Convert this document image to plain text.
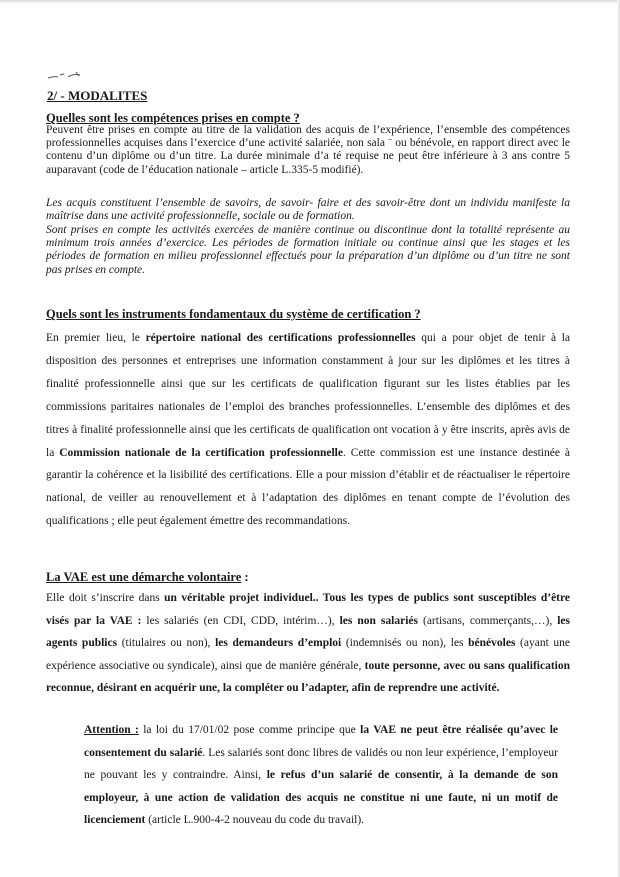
2/ - MODALITES
Quelles sont les compétences prises en compte ?

Peuvent être prises en compte au titre de la validation des acquis de l’expérience, l’ensemble des compétences professionnelles acquises dans l’exercice d’une activité salariée, non sala ¨ ou bénévole, en rapport direct avec le contenu d’un diplôme ou d’un titre. La durée minimale d’a té requise ne peut être inférieure à 3 ans contre 5 auparavant (code de l’éducation nationale – article L.335-5 modifié).

Les acquis constituent l’ensemble de savoirs, de savoir- faire et des savoir-être dont un individu manifeste la maîtrise dans une activité professionnelle, sociale ou de formation.

Sont prises en compte les activités exercées de manière continue ou discontinue dont la totalité représente au minimum trois années d’exercice. Les périodes de formation initiale ou continue ainsi que les stages et les périodes de formation en milieu professionnel effectués pour la préparation d’un diplôme ou d’un titre ne sont pas prises en compte.

Quels sont les instruments fondamentaux du système de certification ?

En premier lieu, le répertoire national des certifications professionnelles qui a pour objet de tenir à la disposition des personnes et entreprises une information constamment à jour sur les diplômes et les titres à finalité professionnelle ainsi que sur les certificats de qualification figurant sur les listes établies par les commissions paritaires nationales de l’emploi des branches professionnelles. L’ensemble des diplômes et des titres à finalité professionnelle ainsi que les certificats de qualification ont vocation à y être inscrits, après avis de la Commission nationale de la certification professionnelle. Cette commission est une instance destinée à garantir la cohérence et la lisibilité des certifications. Elle a pour mission d’établir et de réactualiser le répertoire national, de veiller au renouvellement et à l’adaptation des diplômes en tenant compte de l’évolution des qualifications ; elle peut également émettre des recommandations.

La VAE est une démarche volontaire :

Elle doit s’inscrire dans un véritable projet individuel.. Tous les types de publics sont susceptibles d’être visés par la VAE : les salariés (en CDI, CDD, intérim…), les non salariés (artisans, commerçants,…), les agents publics (titulaires ou non), les demandeurs d’emploi (indemnisés ou non), les bénévoles (ayant une expérience associative ou syndicale), ainsi que de manière générale, toute personne, avec ou sans qualification reconnue, désirant en acquérir une, la compléter ou l’adapter, afin de reprendre une activité.

Attention : la loi du 17/01/02 pose comme principe que la VAE ne peut être réalisée qu’avec le consentement du salarié. Les salariés sont donc libres de validés ou non leur expérience, l’employeur ne pouvant les y contraindre. Ainsi, le refus d’un salarié de consentir, à la demande de son employeur, à une action de validation des acquis ne constitue ni une faute, ni un motif de licenciement (article L.900-4-2 nouveau du code du travail).
